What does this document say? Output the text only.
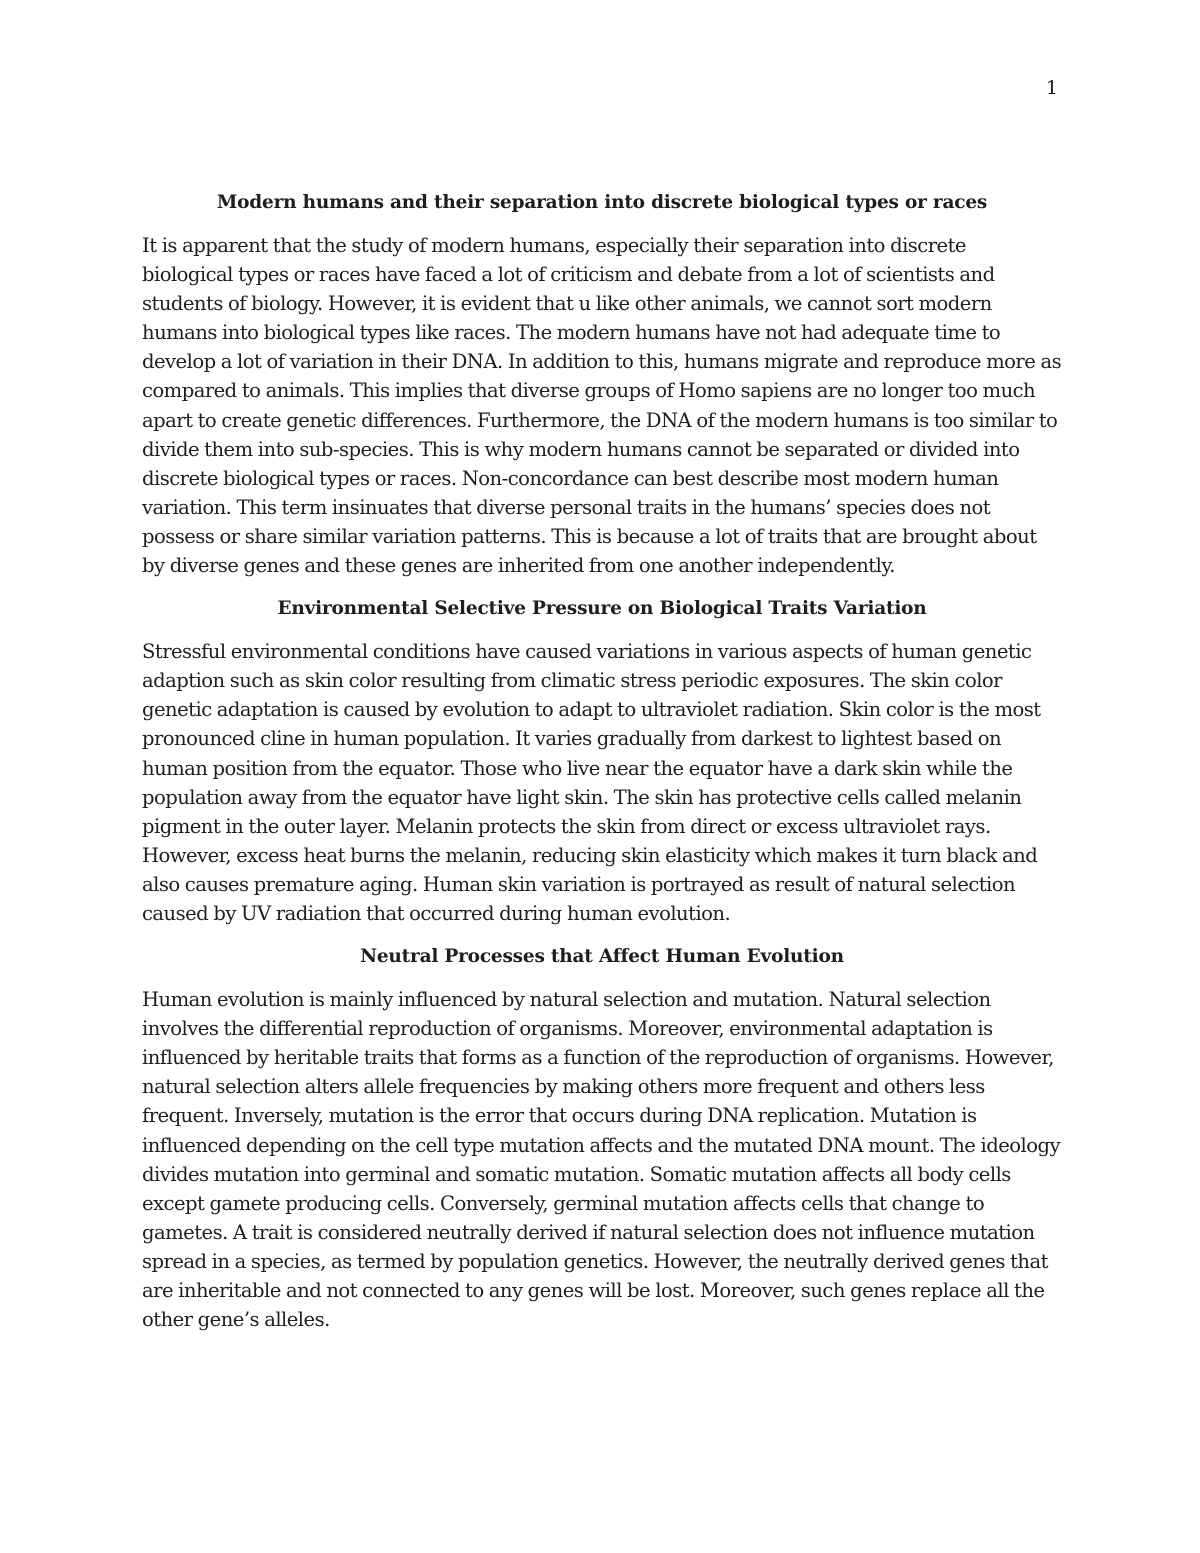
1
Modern humans and their separation into discrete biological types or races

It is apparent that the study of modern humans, especially their separation into discrete biological types or races have faced a lot of criticism and debate from a lot of scientists and students of biology. However, it is evident that u like other animals, we cannot sort modern humans into biological types like races. The modern humans have not had adequate time to develop a lot of variation in their DNA. In addition to this, humans migrate and reproduce more as compared to animals. This implies that diverse groups of Homo sapiens are no longer too much apart to create genetic differences. Furthermore, the DNA of the modern humans is too similar to divide them into sub-species. This is why modern humans cannot be separated or divided into discrete biological types or races. Non-concordance can best describe most modern human variation. This term insinuates that diverse personal traits in the humans’ species does not possess or share similar variation patterns. This is because a lot of traits that are brought about by diverse genes and these genes are inherited from one another independently.

Environmental Selective Pressure on Biological Traits Variation

Stressful environmental conditions have caused variations in various aspects of human genetic adaption such as skin color resulting from climatic stress periodic exposures. The skin color genetic adaptation is caused by evolution to adapt to ultraviolet radiation. Skin color is the most pronounced cline in human population. It varies gradually from darkest to lightest based on human position from the equator. Those who live near the equator have a dark skin while the population away from the equator have light skin. The skin has protective cells called melanin pigment in the outer layer. Melanin protects the skin from direct or excess ultraviolet rays. However, excess heat burns the melanin, reducing skin elasticity which makes it turn black and also causes premature aging. Human skin variation is portrayed as result of natural selection caused by UV radiation that occurred during human evolution.

Neutral Processes that Affect Human Evolution

Human evolution is mainly influenced by natural selection and mutation. Natural selection involves the differential reproduction of organisms. Moreover, environmental adaptation is influenced by heritable traits that forms as a function of the reproduction of organisms. However, natural selection alters allele frequencies by making others more frequent and others less frequent. Inversely, mutation is the error that occurs during DNA replication. Mutation is influenced depending on the cell type mutation affects and the mutated DNA mount. The ideology divides mutation into germinal and somatic mutation. Somatic mutation affects all body cells except gamete producing cells. Conversely, germinal mutation affects cells that change to gametes. A trait is considered neutrally derived if natural selection does not influence mutation spread in a species, as termed by population genetics. However, the neutrally derived genes that are inheritable and not connected to any genes will be lost. Moreover, such genes replace all the other gene’s alleles.
